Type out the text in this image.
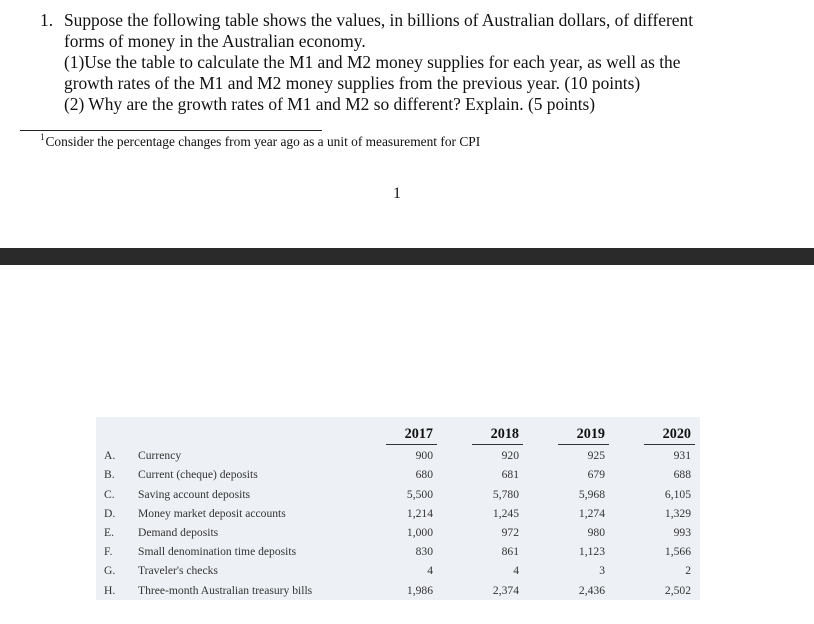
1. Suppose the following table shows the values, in billions of Australian dollars, of different
forms of money in the Australian economy.
(1)Use the table to calculate the M1 and M2 money supplies for each year, as well as the
growth rates of the M1 and M2 money supplies from the previous year. (10 points)
(2) Why are the growth rates of M1 and M2 so different? Explain. (5 points)
$^1$Consider the percentage changes from year ago as a unit of measurement for CPI
1
2017	2018	2019	2020
A. Currency	900	920	925	931
B. Current (cheque) deposits	680	681	679	688
C. Saving account deposits	5,500	5,780	5,968	6,105
D. Money market deposit accounts	1,214	1,245	1,274	1,329
E. Demand deposits	1,000	972	980	993
F. Small denomination time deposits	830	861	1,123	1,566
G. Traveler's checks	4	4	3	2
H. Three-month Australian treasury bills	1,986	2,374	2,436	2,502
